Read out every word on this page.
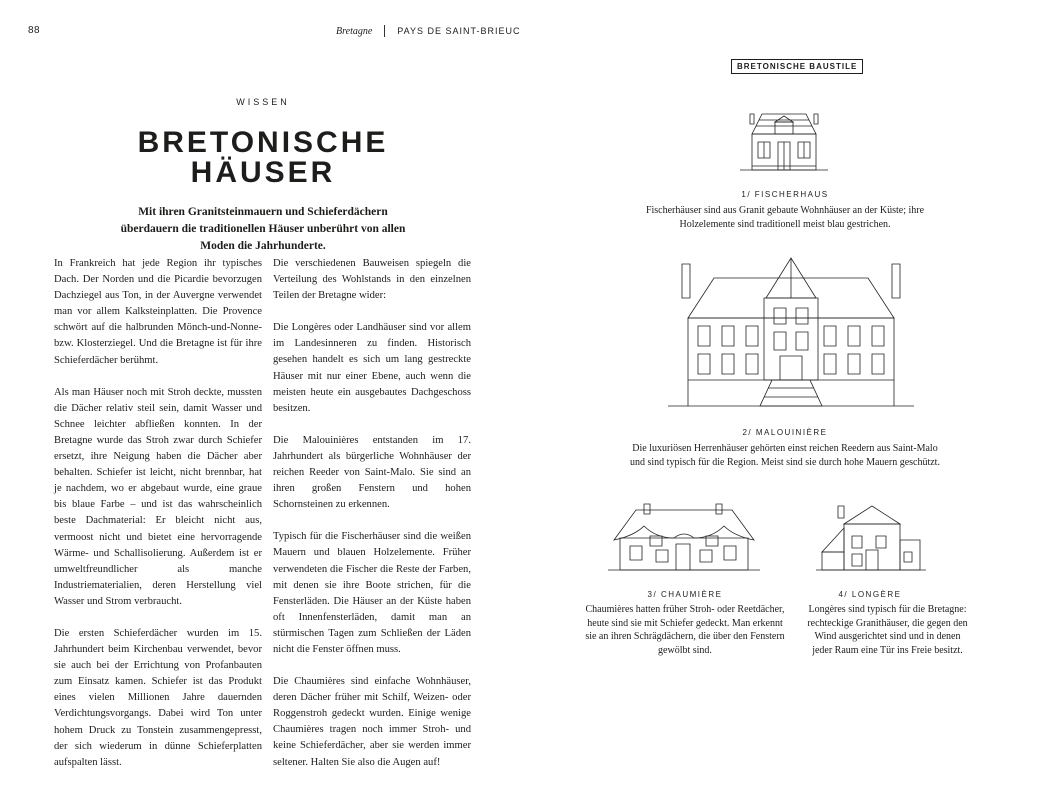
88	Bretagne	PAYS DE SAINT-BRIEUC
WISSEN
BRETONISCHE
HÄUSER
Mit ihren Granitsteinmauern und Schieferdächern überdauern die traditionellen Häuser unberührt von allen Moden die Jahrhunderte.

In Frankreich hat jede Region ihr typisches Dach. Der Norden und die Picardie bevorzugen Dachziegel aus Ton, in der Auvergne verwendet man vor allem Kalksteinplatten. Die Provence schwört auf die halbrunden Mönch-und-Nonne- bzw. Klosterziegel. Und die Bretagne ist für ihre Schieferdächer berühmt.

Als man Häuser noch mit Stroh deckte, mussten die Dächer relativ steil sein, damit Wasser und Schnee leichter abfließen konnten. In der Bretagne wurde das Stroh zwar durch Schiefer ersetzt, ihre Neigung haben die Dächer aber behalten. Schiefer ist leicht, nicht brennbar, hat je nachdem, wo er abgebaut wurde, eine graue bis blaue Farbe – und ist das wahrscheinlich beste Dachmaterial: Er bleicht nicht aus, vermoost nicht und bietet eine hervorragende Wärme- und Schallisolierung. Außerdem ist er umweltfreundlicher als manche Industriematerialien, deren Herstellung viel Wasser und Strom verbraucht.

Die ersten Schieferdächer wurden im 15. Jahrhundert beim Kirchenbau verwendet, bevor sie auch bei der Errichtung von Profanbauten zum Einsatz kamen. Schiefer ist das Produkt eines vielen Millionen Jahre dauernden Verdichtungsvorgangs. Dabei wird Ton unter hohem Druck zu Tonstein zusammengepresst, der sich wiederum in dünne Schieferplatten aufspalten lässt.

Die verschiedenen Bauweisen spiegeln die Verteilung des Wohlstands in den einzelnen Teilen der Bretagne wider:

Die Longères oder Landhäuser sind vor allem im Landesinneren zu finden. Historisch gesehen handelt es sich um lang gestreckte Häuser mit nur einer Ebene, auch wenn die meisten heute ein ausgebautes Dachgeschoss besitzen.

Die Malouinières entstanden im 17. Jahrhundert als bürgerliche Wohnhäuser der reichen Reeder von Saint-Malo. Sie sind an ihren großen Fenstern und hohen Schornsteinen zu erkennen.

Typisch für die Fischerhäuser sind die weißen Mauern und blauen Holzelemente. Früher verwendeten die Fischer die Reste der Farben, mit denen sie ihre Boote strichen, für die Fensterläden. Die Häuser an der Küste haben oft Innenfensterläden, damit man an stürmischen Tagen zum Schließen der Läden nicht die Fenster öffnen muss.

Die Chaumières sind einfache Wohnhäuser, deren Dächer früher mit Schilf, Weizen- oder Roggenstroh gedeckt wurden. Einige wenige Chaumières tragen noch immer Stroh- und keine Schieferdächer, aber sie werden immer seltener. Halten Sie also die Augen auf!

BRETONISCHE BAUSTILE
1/ FISCHERHAUS
Fischerhäuser sind aus Granit gebaute Wohnhäuser an der Küste; ihre Holzelemente sind traditionell meist blau gestrichen.
2/ MALOUINIÈRE
Die luxuriösen Herrenhäuser gehörten einst reichen Reedern aus Saint-Malo und sind typisch für die Region. Meist sind sie durch hohe Mauern geschützt.
3/ CHAUMIÈRE
Chaumières hatten früher Stroh- oder Reetdächer, heute sind sie mit Schiefer gedeckt. Man erkennt sie an ihren Schrägdächern, die über den Fenstern gewölbt sind.
4/ LONGÈRE
Longères sind typisch für die Bretagne: rechteckige Granithäuser, die gegen den Wind ausgerichtet sind und in denen jeder Raum eine Tür ins Freie besitzt.
